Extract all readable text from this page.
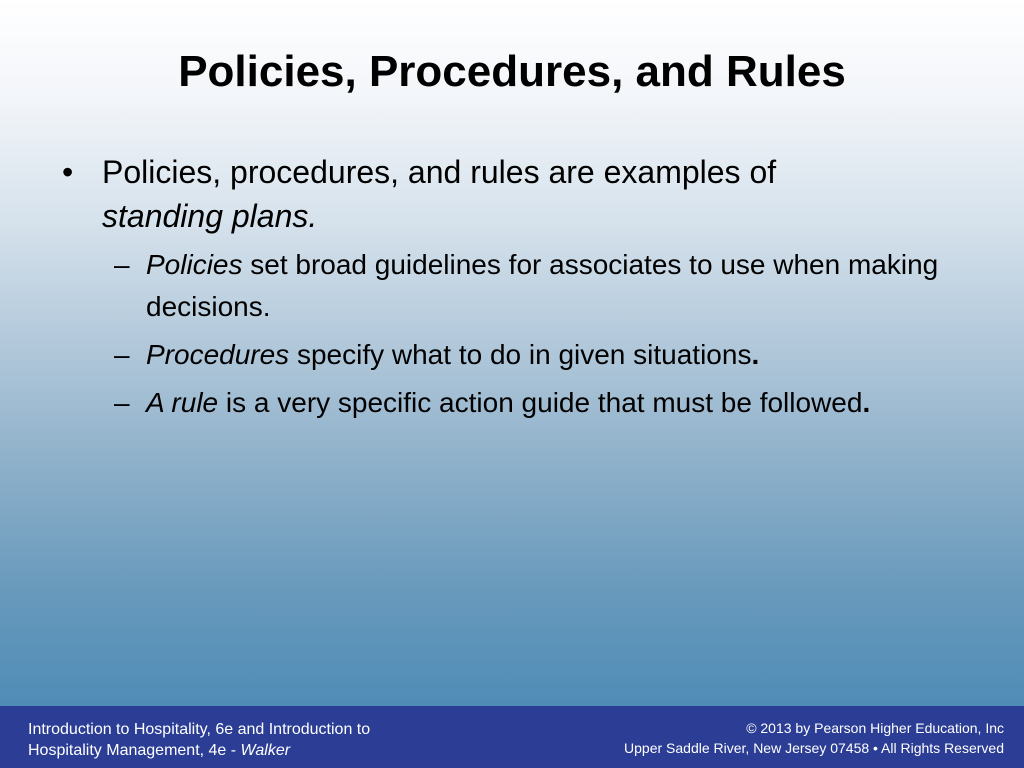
Policies, Procedures, and Rules
• Policies, procedures, and rules are examples of
standing plans.
– Policies set broad guidelines for associates to use when making decisions.
– Procedures specify what to do in given situations.
– A rule is a very specific action guide that must be followed.
Introduction to Hospitality, 6e and Introduction to
Hospitality Management, 4e - Walker
© 2013 by Pearson Higher Education, Inc
Upper Saddle River, New Jersey 07458 • All Rights Reserved
